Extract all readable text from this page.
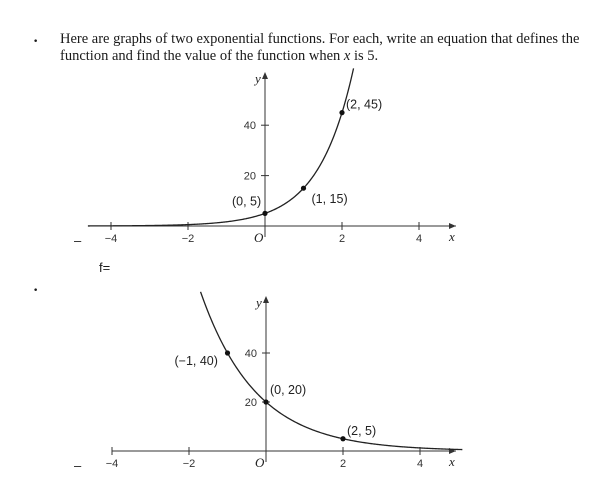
• Here are graphs of two exponential functions. For each, write an equation that defines the function and find the value of the function when x is 5.
–
f=
•
–
x
y
O
−4	−2	2	4
20
40
(0, 5)	(1, 15)
(2, 45)
x
y
O
−4	−2	2	4
20
40
(−1, 40)
(0, 20)
(2, 5)
